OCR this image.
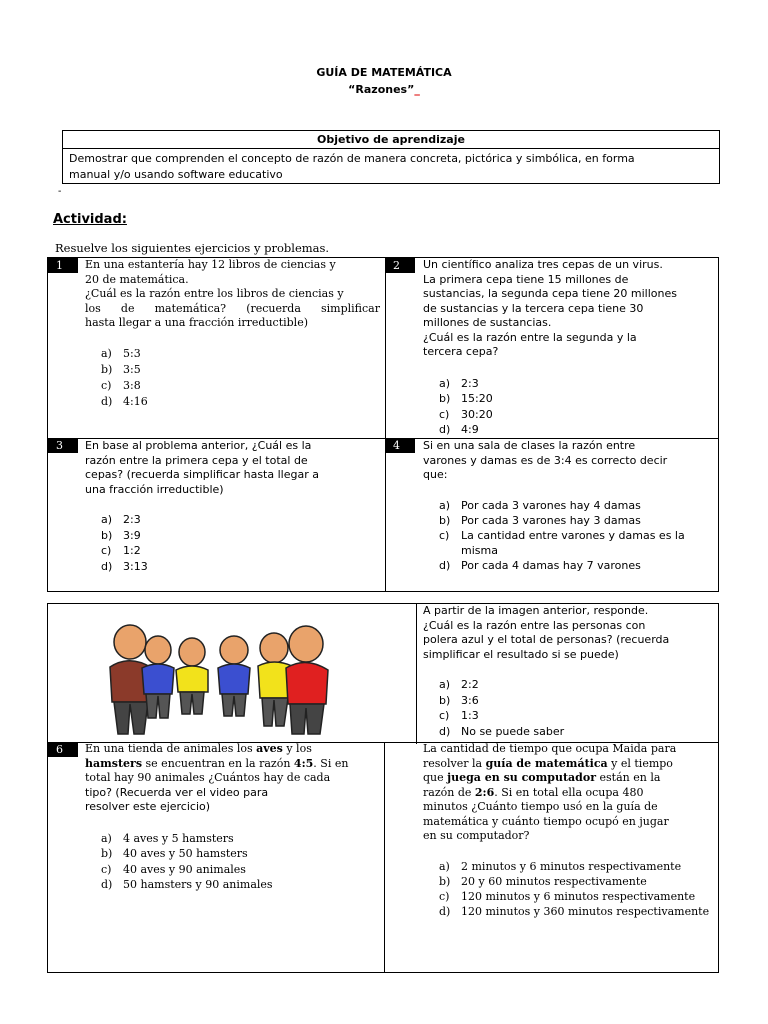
GUÍA DE MATEMÁTICA
“Razones”_
Objetivo de aprendizaje
Demostrar que comprenden el concepto de razón de manera concreta, pictórica y simbólica, en forma
manual y/o usando software educativo
-
Actividad:
Resuelve los siguientes ejercicios y problemas.
1	2
3	4

En una estantería hay 12 libros de ciencias y

20 de matemática.

¿Cuál es la razón entre los libros de ciencias y

los de matemática? (recuerda simplificar

hasta llegar a una fracción irreductible)

a) 5:3
b) 3:5
c) 3:8
d) 4:16

Un científico analiza tres cepas de un virus.

La primera cepa tiene 15 millones de

sustancias, la segunda cepa tiene 20 millones

de sustancias y la tercera cepa tiene 30

millones de sustancias.

¿Cuál es la razón entre la segunda y la

tercera cepa?

a) 2:3
b) 15:20
c) 30:20
d) 4:9

En base al problema anterior, ¿Cuál es la

razón entre la primera cepa y el total de

cepas? (recuerda simplificar hasta llegar a

una fracción irreductible)

a) 2:3
b) 3:9
c) 1:2
d) 3:13

Si en una sala de clases la razón entre

varones y damas es de 3:4 es correcto decir

que:

a) Por cada 3 varones hay 4 damas
b) Por cada 3 varones hay 3 damas
c) La cantidad entre varones y damas es la misma
d) Por cada 4 damas hay 7 varones
6

A partir de la imagen anterior, responde.

¿Cuál es la razón entre las personas con

polera azul y el total de personas? (recuerda

simplificar el resultado si se puede)

a) 2:2
b) 3:6
c) 1:3
d) No se puede saber

En una tienda de animales los aves y los

hamsters se encuentran en la razón 4:5. Si en

total hay 90 animales ¿Cuántos hay de cada

tipo? (Recuerda ver el video para

resolver este ejercicio)

a) 4 aves y 5 hamsters
b) 40 aves y 50 hamsters
c) 40 aves y 90 animales
d) 50 hamsters y 90 animales

La cantidad de tiempo que ocupa Maida para

resolver la guía de matemática y el tiempo

que juega en su computador están en la

razón de 2:6. Si en total ella ocupa 480

minutos ¿Cuánto tiempo usó en la guía de

matemática y cuánto tiempo ocupó en jugar

en su computador?

a) 2 minutos y 6 minutos respectivamente
b) 20 y 60 minutos respectivamente
c) 120 minutos y 6 minutos respectivamente
d) 120 minutos y 360 minutos respectivamente
